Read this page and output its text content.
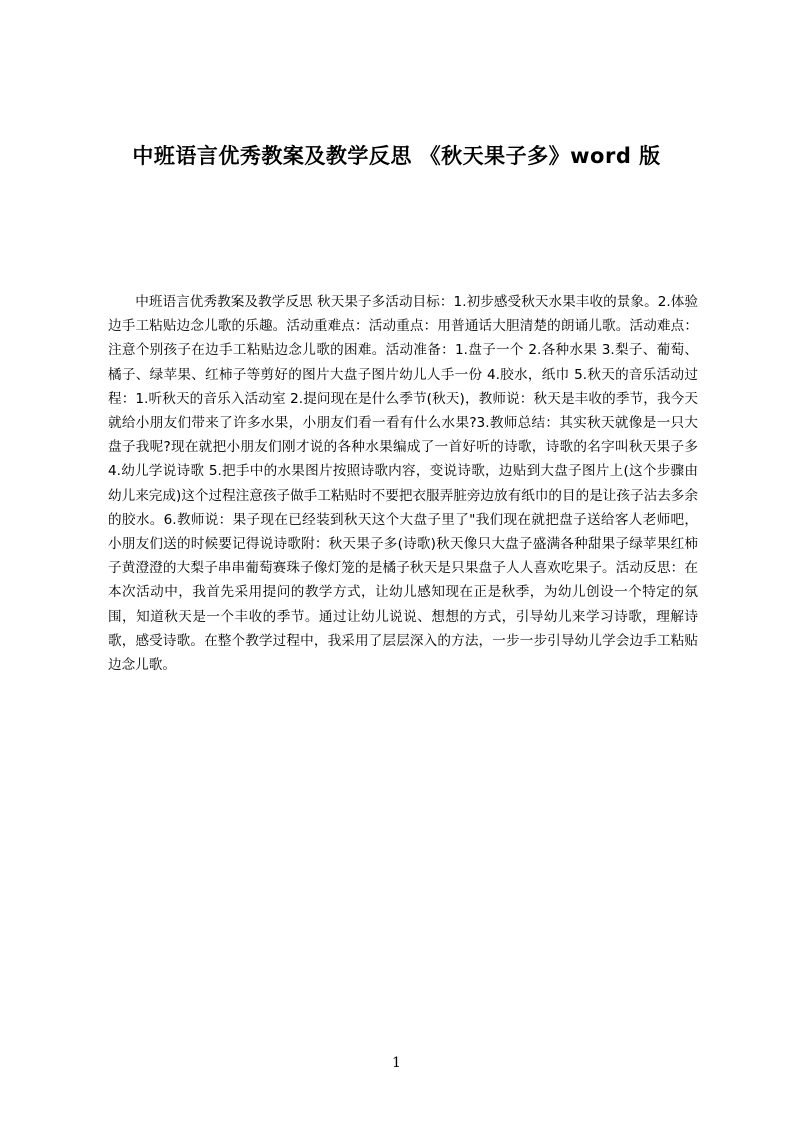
中班语言优秀教案及教学反思 《秋天果子多》word 版
中班语言优秀教案及教学反思 秋天果子多活动目标：1.初步感受秋天水果丰收的景象。2.体验边手工粘贴边念儿歌的乐趣。活动重难点：活动重点：用普通话大胆清楚的朗诵儿歌。活动难点：注意个别孩子在边手工粘贴边念儿歌的困难。活动准备：1.盘子一个 2.各种水果 3.梨子、葡萄、橘子、绿苹果、红柿子等剪好的图片大盘子图片幼儿人手一份 4.胶水，纸巾 5.秋天的音乐活动过程：1.听秋天的音乐入活动室 2.提问现在是什么季节(秋天)，教师说：秋天是丰收的季节，我今天就给小朋友们带来了许多水果，小朋友们看一看有什么水果?3.教师总结：其实秋天就像是一只大盘子我呢?现在就把小朋友们刚才说的各种水果编成了一首好听的诗歌，诗歌的名字叫秋天果子多 4.幼儿学说诗歌 5.把手中的水果图片按照诗歌内容，变说诗歌，边贴到大盘子图片上(这个步骤由幼儿来完成)这个过程注意孩子做手工粘贴时不要把衣服弄脏旁边放有纸巾的目的是让孩子沾去多余的胶水。6.教师说：果子现在已经装到秋天这个大盘子里了"我们现在就把盘子送给客人老师吧，小朋友们送的时候要记得说诗歌附：秋天果子多(诗歌)秋天像只大盘子盛满各种甜果子绿苹果红柿子黄澄澄的大梨子串串葡萄赛珠子像灯笼的是橘子秋天是只果盘子人人喜欢吃果子。活动反思：在本次活动中，我首先采用提问的教学方式，让幼儿感知现在正是秋季，为幼儿创设一个特定的氛围，知道秋天是一个丰收的季节。通过让幼儿说说、想想的方式，引导幼儿来学习诗歌，理解诗歌，感受诗歌。在整个教学过程中，我采用了层层深入的方法，一步一步引导幼儿学会边手工粘贴边念儿歌。
1
